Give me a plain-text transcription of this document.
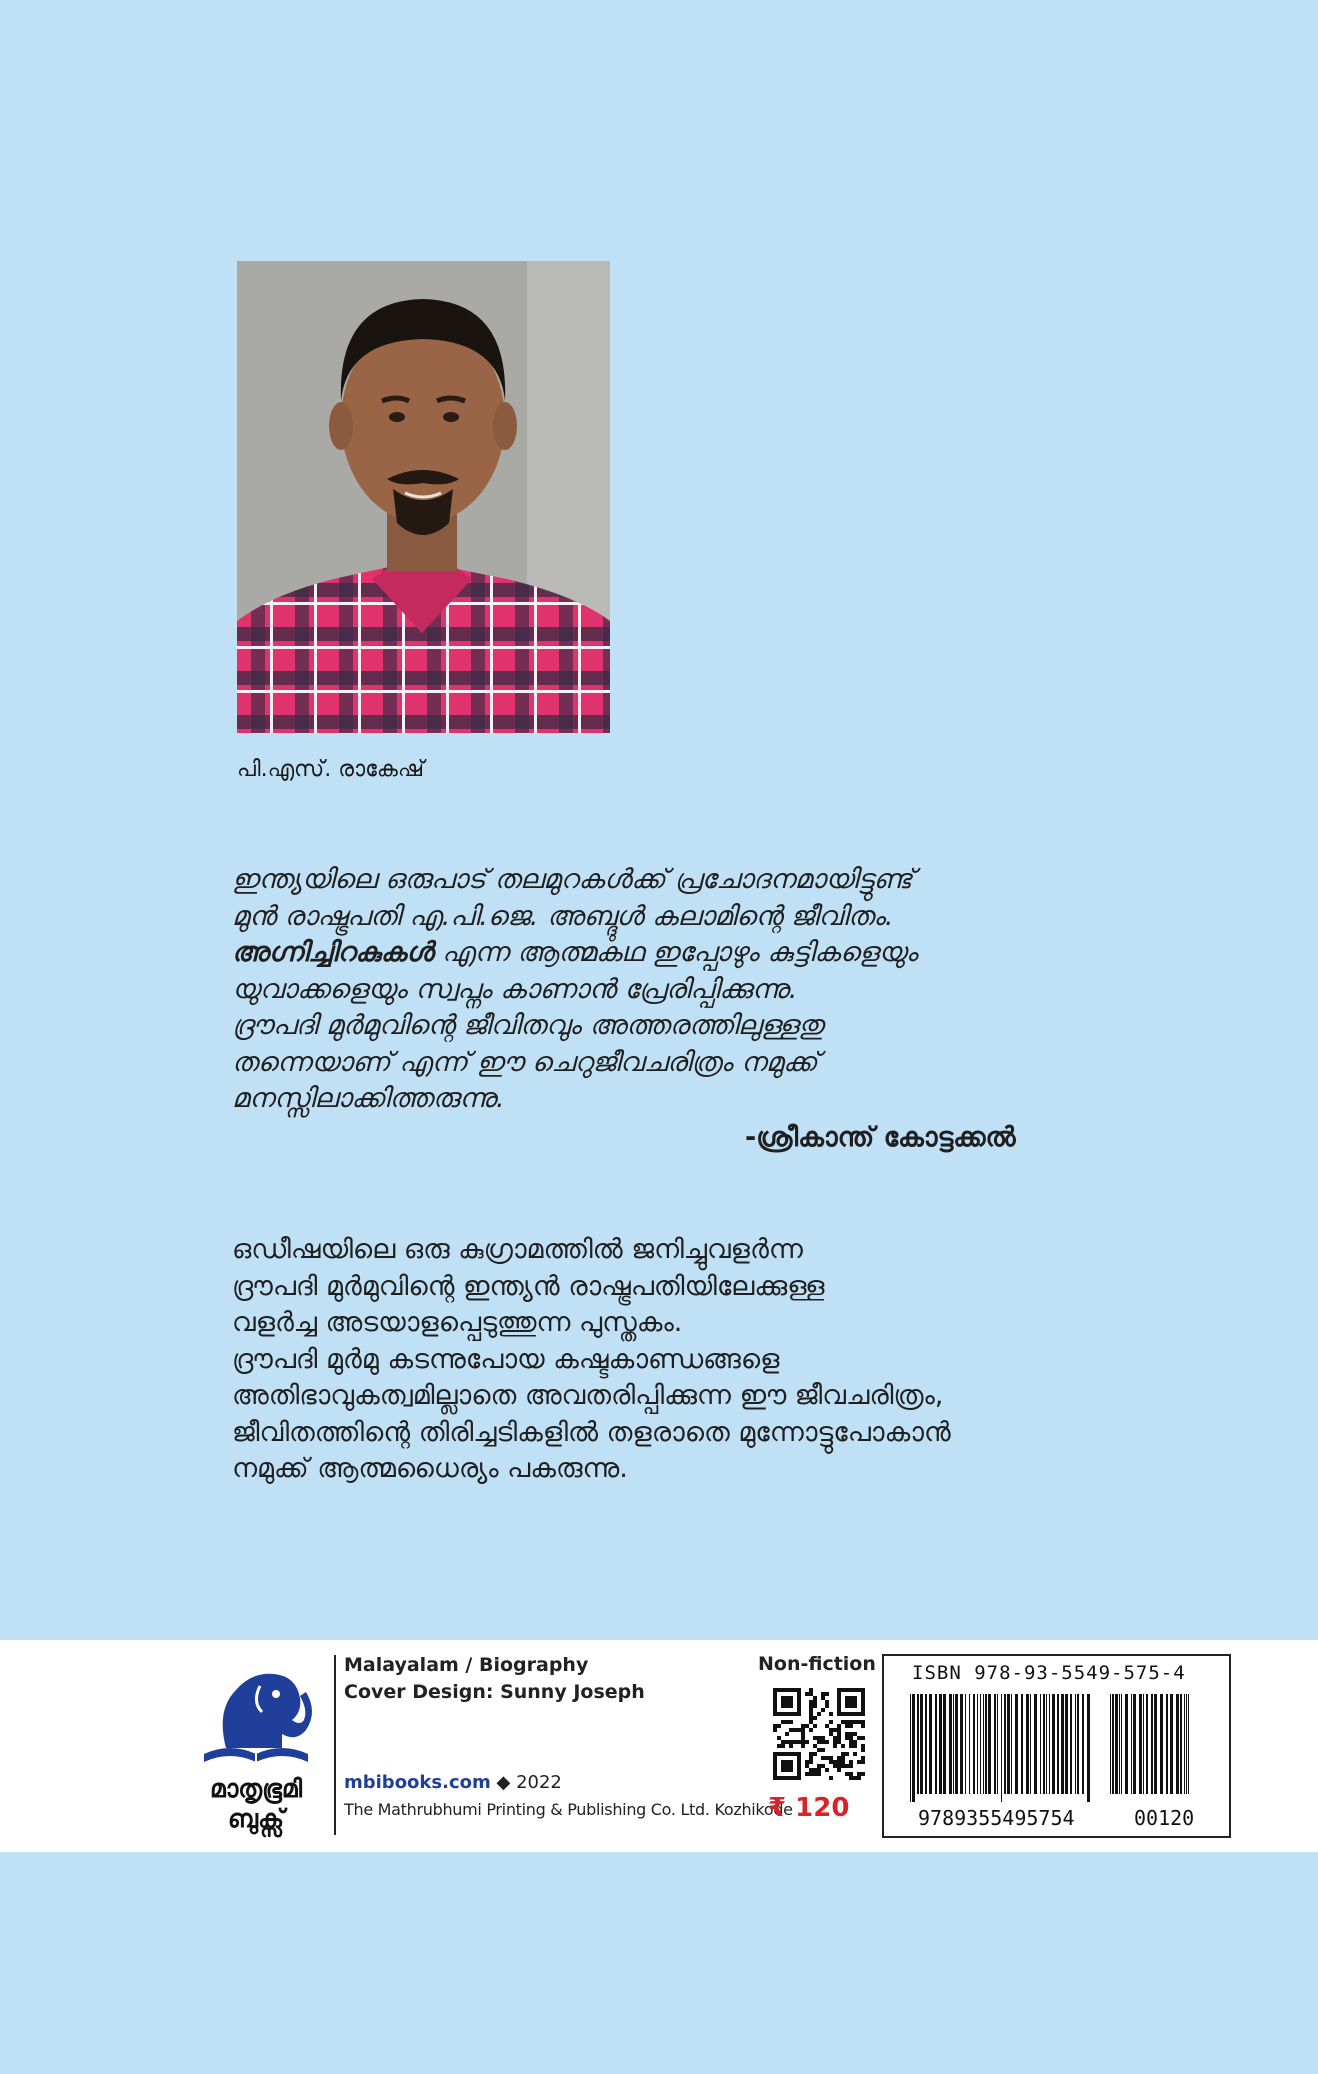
പി.എസ്. രാകേഷ്
ഇന്ത്യയിലെ ഒരുപാട് തലമുറകൾക്ക് പ്രചോദനമായിട്ടുണ്ട്
മുൻ രാഷ്ട്രപതി എ.പി.ജെ. അബ്ദുൾ കലാമിന്റെ ജീവിതം.
അഗ്നിച്ചിറകുകൾ എന്ന ആത്മകഥ ഇപ്പോഴും കുട്ടികളെയും
യുവാക്കളെയും സ്വപ്നം കാണാൻ പ്രേരിപ്പിക്കുന്നു.
ദ്രൗപദി മുർമുവിന്റെ ജീവിതവും അത്തരത്തിലുള്ളതു
തന്നെയാണ് എന്ന് ഈ ചെറുജീവചരിത്രം നമുക്ക്
മനസ്സിലാക്കിത്തരുന്നു.
-ശ്രീകാന്ത് കോട്ടക്കൽ
ഒഡീഷയിലെ ഒരു കുഗ്രാമത്തിൽ ജനിച്ചുവളർന്ന
ദ്രൗപദി മുർമുവിന്റെ ഇന്ത്യൻ രാഷ്ട്രപതിയിലേക്കുള്ള
വളർച്ച അടയാളപ്പെടുത്തുന്ന പുസ്തകം.
ദ്രൗപദി മുർമു കടന്നുപോയ കഷ്ടകാണ്ഡങ്ങളെ
അതിഭാവുകത്വമില്ലാതെ അവതരിപ്പിക്കുന്ന ഈ ജീവചരിത്രം,
ജീവിതത്തിന്റെ തിരിച്ചടികളിൽ തളരാതെ മുന്നോട്ടുപോകാൻ
നമുക്ക് ആത്മധൈര്യം പകരുന്നു.
മാതൃഭൂമി
ബുക്സ്
Malayalam / Biography
Cover Design: Sunny Joseph
mbibooks.com ◆ 2022
The Mathrubhumi Printing & Publishing Co. Ltd. Kozhikode
Non-fiction
₹ 120
ISBN 978-93-5549-575-4
9789355495754	00120
